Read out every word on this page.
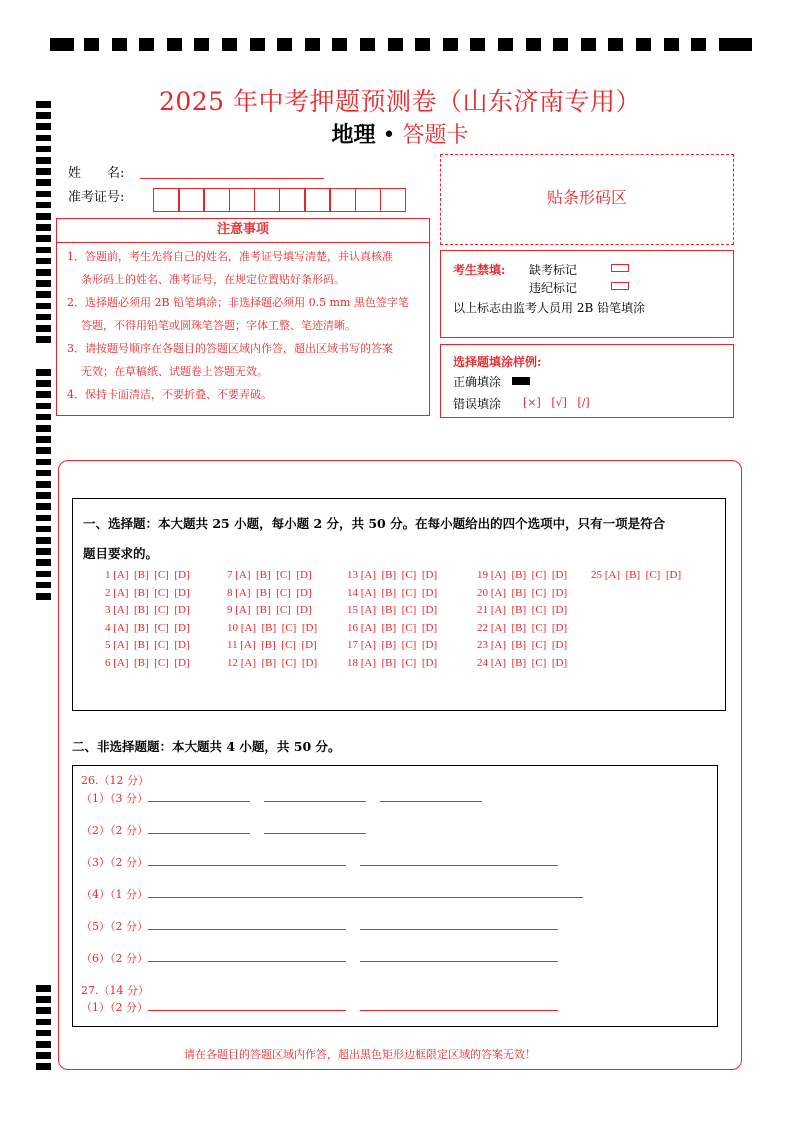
2025 年中考押题预测卷（山东济南专用）
地理 • 答题卡
姓　　名:
准考证号:	贴条形码区
注意事项
1．答题前，考生先将自己的姓名，准考证号填写清楚，并认真核准
条形码上的姓名、准考证号，在规定位置贴好条形码。
2．选择题必须用 2B 铅笔填涂；非选择题必须用 0.5 mm 黑色签字笔
答题，不得用铅笔或圆珠笔答题；字体工整、笔迹清晰。
3．请按题号顺序在各题目的答题区域内作答，超出区域书写的答案
无效；在草稿纸、试题卷上答题无效。
4．保持卡面清洁，不要折叠、不要弄破。
考生禁填: 缺考标记
违纪标记
以上标志由监考人员用 2B 铅笔填涂
选择题填涂样例:
正确填涂
错误填涂 [×] [√] [/]
一、选择题：本大题共 25 小题，每小题 2 分，共 50 分。在每小题给出的四个选项中，只有一项是符合
题目要求的。
1 [A]  [B]  [C]  [D]
2 [A]  [B]  [C]  [D]
3 [A]  [B]  [C]  [D]
4 [A]  [B]  [C]  [D]
5 [A]  [B]  [C]  [D]
6 [A]  [B]  [C]  [D]
7 [A]  [B]  [C]  [D]
8 [A]  [B]  [C]  [D]
9 [A]  [B]  [C]  [D]
10 [A]  [B]  [C]  [D]
11 [A]  [B]  [C]  [D]
12 [A]  [B]  [C]  [D]
13 [A]  [B]  [C]  [D]
14 [A]  [B]  [C]  [D]
15 [A]  [B]  [C]  [D]
16 [A]  [B]  [C]  [D]
17 [A]  [B]  [C]  [D]
18 [A]  [B]  [C]  [D]
19 [A]  [B]  [C]  [D]
20 [A]  [B]  [C]  [D]
21 [A]  [B]  [C]  [D]
22 [A]  [B]  [C]  [D]
23 [A]  [B]  [C]  [D]
24 [A]  [B]  [C]  [D]
25 [A]  [B]  [C]  [D]
二、非选择题题：本大题共 4 小题，共 50 分。
26.（12 分）
（1）（3 分）
（2）（2 分）
（3）（2 分）
（4）（1 分）
（5）（2 分）
（6）（2 分）
27.（14 分）
（1）（2 分）
请在各题目的答题区域内作答，超出黑色矩形边框限定区域的答案无效！
